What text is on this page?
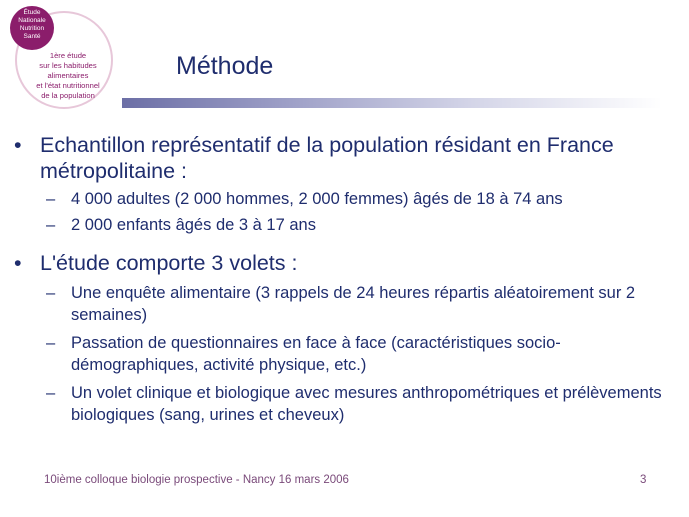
Étude
Nationale
Nutrition
Santé
1ère étude
sur les habitudes
alimentaires
et l'état nutritionnel
de la population
Méthode
• Echantillon représentatif de la population résidant en France métropolitaine :
– 4 000 adultes (2 000 hommes, 2 000 femmes) âgés de 18 à 74 ans
– 2 000 enfants âgés de 3 à 17 ans
• L'étude comporte 3 volets :
– Une enquête alimentaire (3 rappels de 24 heures répartis aléatoirement sur 2 semaines)
– Passation de questionnaires en face à face (caractéristiques socio-démographiques, activité physique, etc.)
– Un volet clinique et biologique avec mesures anthropométriques et prélèvements biologiques (sang, urines et cheveux)
10ième colloque biologie prospective - Nancy 16 mars 2006	3
